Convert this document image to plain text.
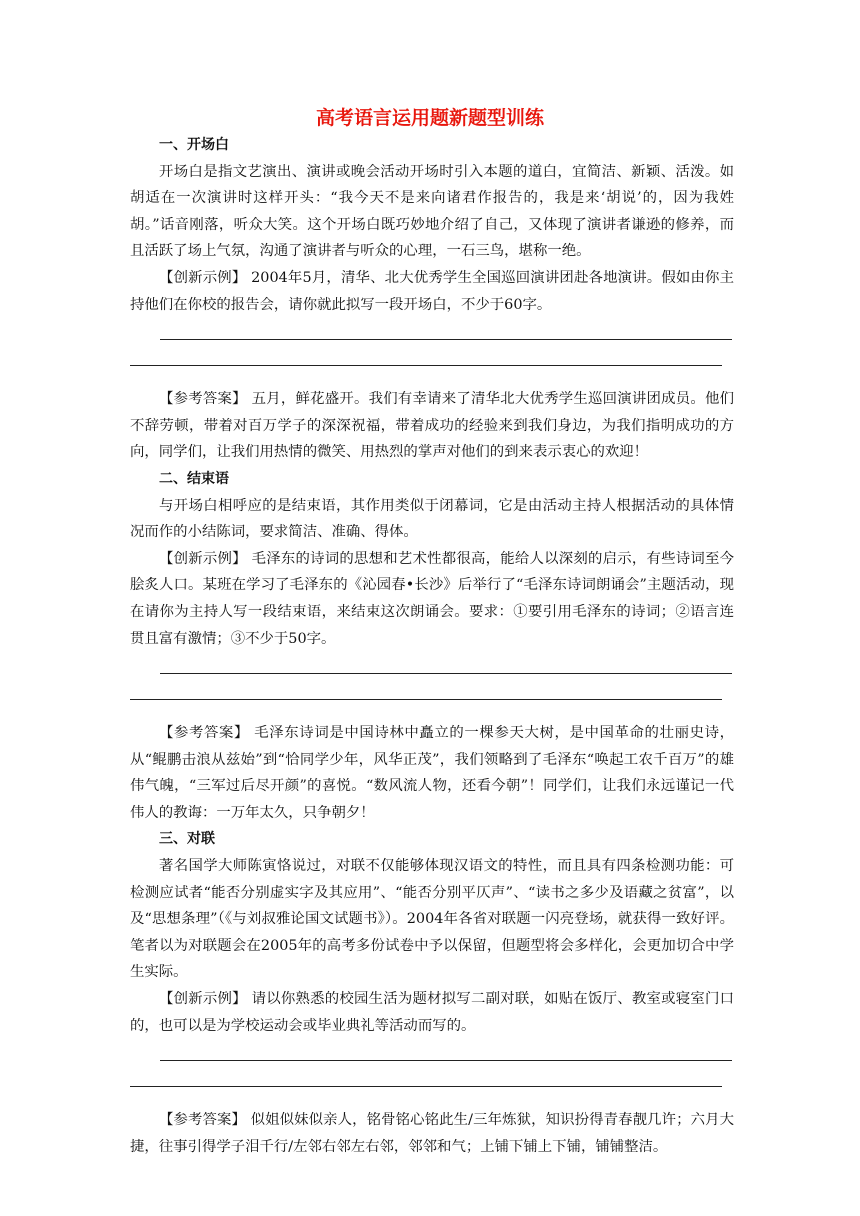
高考语言运用题新题型训练

一、开场白

开场白是指文艺演出、演讲或晚会活动开场时引入本题的道白，宜简洁、新颖、活泼。如胡适在一次演讲时这样开头：“我今天不是来向诸君作报告的，我是来‘胡说’的，因为我姓胡。”话音刚落，听众大笑。这个开场白既巧妙地介绍了自己，又体现了演讲者谦逊的修养，而且活跃了场上气氛，沟通了演讲者与听众的心理，一石三鸟，堪称一绝。

【创新示例】 2004年5月，清华、北大优秀学生全国巡回演讲团赴各地演讲。假如由你主持他们在你校的报告会，请你就此拟写一段开场白，不少于60字。

【参考答案】 五月，鲜花盛开。我们有幸请来了清华北大优秀学生巡回演讲团成员。他们不辞劳顿，带着对百万学子的深深祝福，带着成功的经验来到我们身边，为我们指明成功的方向，同学们，让我们用热情的微笑、用热烈的掌声对他们的到来表示衷心的欢迎！

二、结束语

与开场白相呼应的是结束语，其作用类似于闭幕词，它是由活动主持人根据活动的具体情况而作的小结陈词，要求简洁、准确、得体。

【创新示例】 毛泽东的诗词的思想和艺术性都很高，能给人以深刻的启示，有些诗词至今脍炙人口。某班在学习了毛泽东的《沁园春•长沙》后举行了“毛泽东诗词朗诵会”主题活动，现在请你为主持人写一段结束语，来结束这次朗诵会。要求：①要引用毛泽东的诗词；②语言连贯且富有激情；③不少于50字。

【参考答案】 毛泽东诗词是中国诗林中矗立的一棵参天大树，是中国革命的壮丽史诗，从“鲲鹏击浪从兹始”到“恰同学少年，风华正茂”，我们领略到了毛泽东“唤起工农千百万”的雄伟气魄，“三军过后尽开颜”的喜悦。“数风流人物，还看今朝”！同学们，让我们永远谨记一代伟人的教诲：一万年太久，只争朝夕！

三、对联

著名国学大师陈寅恪说过，对联不仅能够体现汉语文的特性，而且具有四条检测功能：可检测应试者“能否分别虚实字及其应用”、“能否分别平仄声”、“读书之多少及语藏之贫富”，以及“思想条理”（《与刘叔雅论国文试题书》）。2004年各省对联题一闪亮登场，就获得一致好评。笔者以为对联题会在2005年的高考多份试卷中予以保留，但题型将会多样化，会更加切合中学生实际。

【创新示例】 请以你熟悉的校园生活为题材拟写二副对联，如贴在饭厅、教室或寝室门口的，也可以是为学校运动会或毕业典礼等活动而写的。

【参考答案】 似姐似妹似亲人，铭骨铭心铭此生/三年炼狱，知识扮得青春靓几许；六月大捷，往事引得学子泪千行/左邻右邻左右邻，邻邻和气；上铺下铺上下铺，铺铺整洁。
